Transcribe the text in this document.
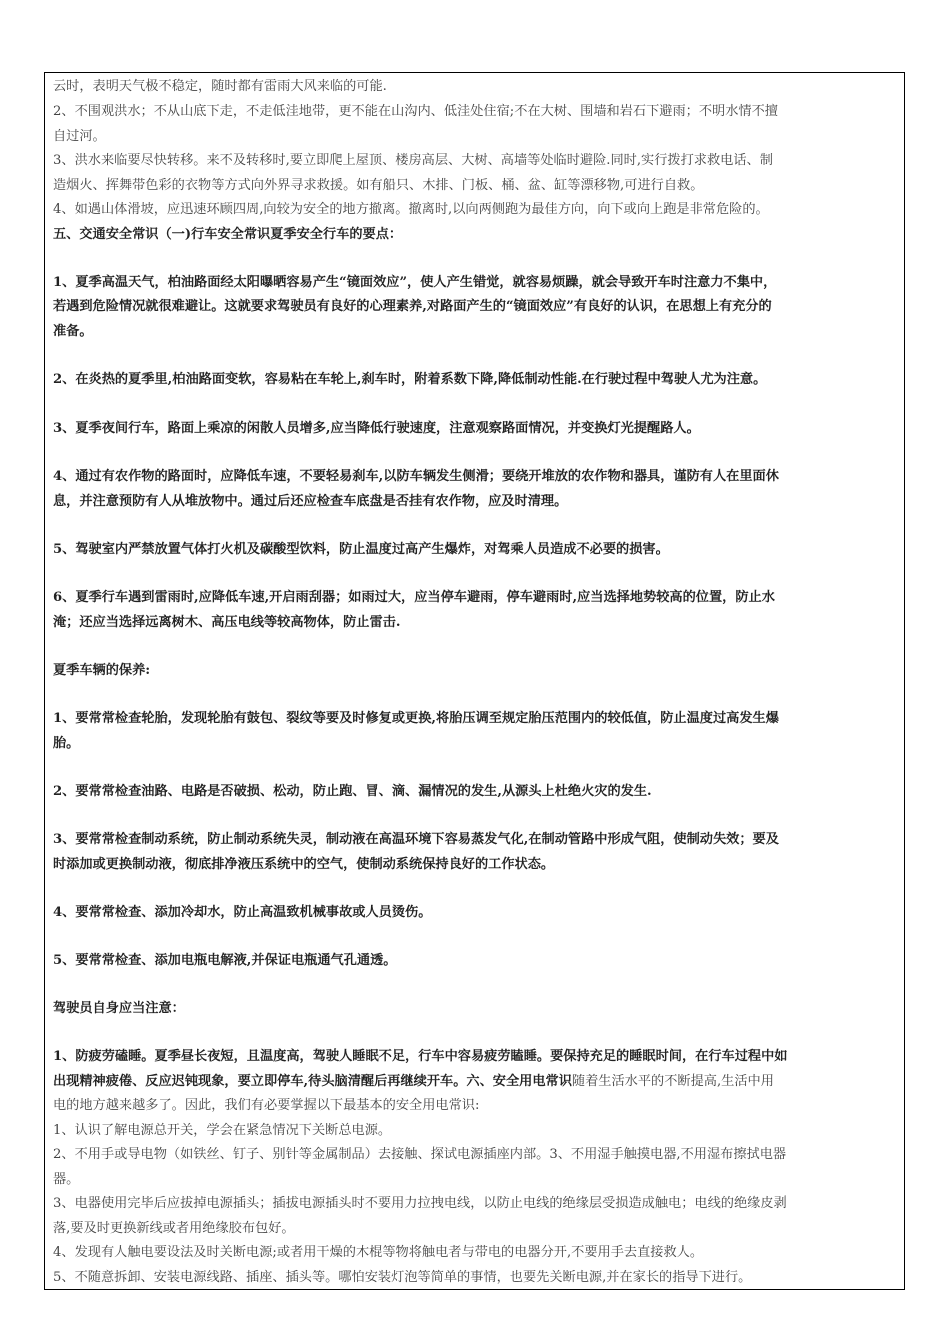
云时，表明天气极不稳定，随时都有雷雨大风来临的可能.
2、不围观洪水；不从山底下走，不走低洼地带，更不能在山沟内、低洼处住宿;不在大树、围墙和岩石下避雨；不明水情不擅
自过河。
3、洪水来临要尽快转移。来不及转移时,要立即爬上屋顶、楼房高层、大树、高墙等处临时避险.同时,实行拨打求救电话、制
造烟火、挥舞带色彩的衣物等方式向外界寻求救援。如有船只、木排、门板、桶、盆、缸等漂移物,可进行自救。
4、如遇山体滑坡，应迅速环顾四周,向较为安全的地方撤离。撤离时,以向两侧跑为最佳方向，向下或向上跑是非常危险的。
五、交通安全常识（一)行车安全常识夏季安全行车的要点：
1、夏季高温天气，柏油路面经太阳曝晒容易产生“镜面效应”，使人产生错觉，就容易烦躁，就会导致开车时注意力不集中，
若遇到危险情况就很难避让。这就要求驾驶员有良好的心理素养,对路面产生的“镜面效应”有良好的认识，在思想上有充分的
准备。
2、在炎热的夏季里,柏油路面变软，容易粘在车轮上,刹车时，附着系数下降,降低制动性能.在行驶过程中驾驶人尤为注意。
3、夏季夜间行车，路面上乘凉的闲散人员增多,应当降低行驶速度，注意观察路面情况，并变换灯光提醒路人。
4、通过有农作物的路面时，应降低车速，不要轻易刹车,以防车辆发生侧滑；要绕开堆放的农作物和器具，谨防有人在里面休
息，并注意预防有人从堆放物中。通过后还应检查车底盘是否挂有农作物，应及时清理。
5、驾驶室内严禁放置气体打火机及碳酸型饮料，防止温度过高产生爆炸，对驾乘人员造成不必要的损害。
6、夏季行车遇到雷雨时,应降低车速,开启雨刮器；如雨过大，应当停车避雨，停车避雨时,应当选择地势较高的位置，防止水
淹；还应当选择远离树木、高压电线等较高物体，防止雷击.
夏季车辆的保养:
1、要常常检查轮胎，发现轮胎有鼓包、裂纹等要及时修复或更换,将胎压调至规定胎压范围内的较低值，防止温度过高发生爆
胎。
2、要常常检查油路、电路是否破损、松动，防止跑、冒、滴、漏情况的发生,从源头上杜绝火灾的发生.
3、要常常检查制动系统，防止制动系统失灵，制动液在高温环境下容易蒸发气化,在制动管路中形成气阻，使制动失效；要及
时添加或更换制动液，彻底排净液压系统中的空气，使制动系统保持良好的工作状态。
4、要常常检查、添加冷却水，防止高温致机械事故或人员烫伤。
5、要常常检查、添加电瓶电解液,并保证电瓶通气孔通透。
驾驶员自身应当注意：
1、防疲劳磕睡。夏季昼长夜短，且温度高，驾驶人睡眠不足，行车中容易疲劳瞌睡。要保持充足的睡眠时间，在行车过程中如
出现精神疲倦、反应迟钝现象，要立即停车,待头脑清醒后再继续开车。六、安全用电常识随着生活水平的不断提高,生活中用
电的地方越来越多了。因此，我们有必要掌握以下最基本的安全用电常识:
1、认识了解电源总开关，学会在紧急情况下关断总电源。
2、不用手或导电物（如铁丝、钉子、别针等金属制品）去接触、探试电源插座内部。3、不用湿手触摸电器,不用湿布擦拭电器
器。
3、电器使用完毕后应拔掉电源插头；插拔电源插头时不要用力拉拽电线，以防止电线的绝缘层受损造成触电；电线的绝缘皮剥
落,要及时更换新线或者用绝缘胶布包好。
4、发现有人触电要设法及时关断电源;或者用干燥的木棍等物将触电者与带电的电器分开,不要用手去直接救人。
5、不随意拆卸、安装电源线路、插座、插头等。哪怕安装灯泡等简单的事情，也要先关断电源,并在家长的指导下进行。
